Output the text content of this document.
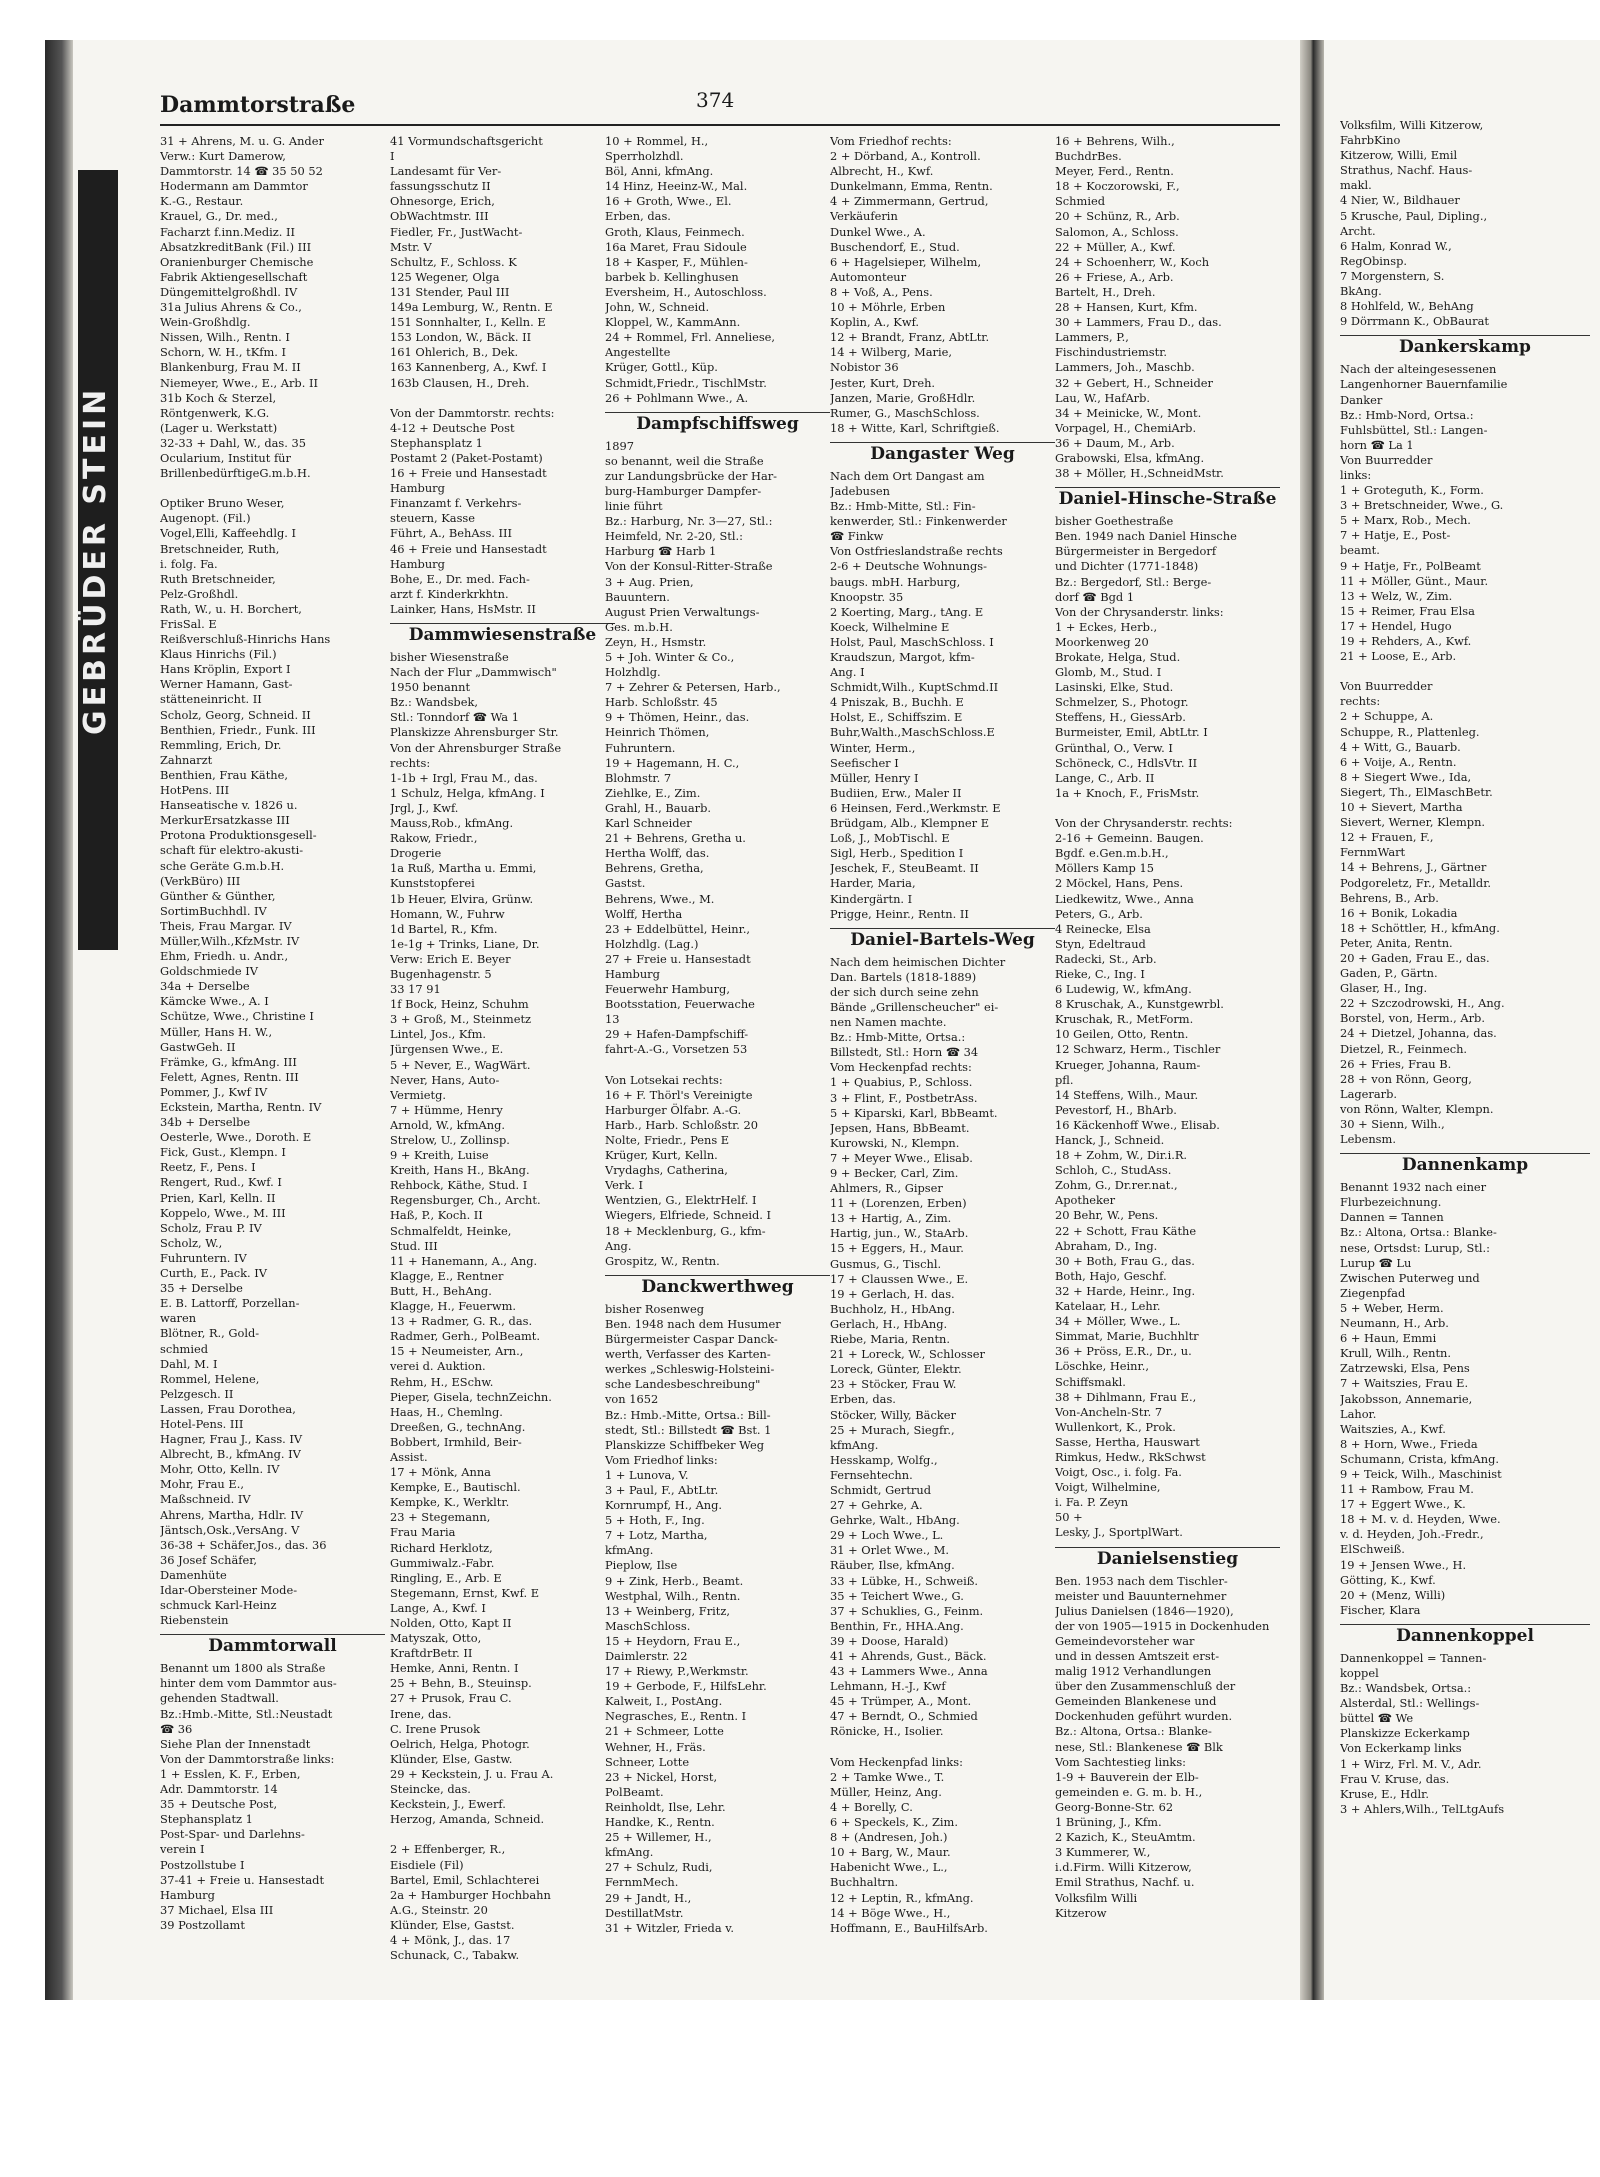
GEBRÜDER STEIN
Dammtorstraße	374
31 + Ahrens, M. u. G. Ander
Verw.: Kurt Damerow,
Dammtorstr. 14 ☎ 35 50 52
Hodermann am Dammtor
K.-G., Restaur.
Krauel, G., Dr. med.,
Facharzt f.inn.Mediz. II
AbsatzkreditBank (Fil.) III
Oranienburger Chemische
Fabrik Aktiengesellschaft
Düngemittelgroßhdl. IV
31a Julius Ahrens & Co.,
Wein-Großhdlg.
Nissen, Wilh., Rentn. I
Schorn, W. H., tKfm. I
Blankenburg, Frau M. II
Niemeyer, Wwe., E., Arb. II
31b Koch & Sterzel,
Röntgenwerk, K.G.
(Lager u. Werkstatt)
32-33 + Dahl, W., das. 35
Ocularium, Institut für
BrillenbedürftigeG.m.b.H.

Optiker Bruno Weser,
Augenopt. (Fil.)
Vogel,Elli, Kaffeehdlg. I
Bretschneider, Ruth,
i. folg. Fa.
Ruth Bretschneider,
Pelz-Großhdl.
Rath, W., u. H. Borchert,
FrisSal. E
Reißverschluß-Hinrichs Hans
Klaus Hinrichs (Fil.)
Hans Kröplin, Export I
Werner Hamann, Gast-
stätteneinricht. II
Scholz, Georg, Schneid. II
Benthien, Friedr., Funk. III
Remmling, Erich, Dr.
Zahnarzt
Benthien, Frau Käthe,
HotPens. III
Hanseatische v. 1826 u.
MerkurErsatzkasse III
Protona Produktionsgesell-
schaft für elektro-akusti-
sche Geräte G.m.b.H.
(VerkBüro) III
Günther & Günther,
SortimBuchhdl. IV
Theis, Frau Margar. IV
Müller,Wilh.,KfzMstr. IV
Ehm, Friedh. u. Andr.,
Goldschmiede IV
34a + Derselbe
Kämcke Wwe., A. I
Schütze, Wwe., Christine I
Müller, Hans H. W.,
GastwGeh. II
Främke, G., kfmAng. III
Felett, Agnes, Rentn. III
Pommer, J., Kwf IV
Eckstein, Martha, Rentn. IV
34b + Derselbe
Oesterle, Wwe., Doroth. E
Fick, Gust., Klempn. I
Reetz, F., Pens. I
Rengert, Rud., Kwf. I
Prien, Karl, Kelln. II
Koppelo, Wwe., M. III
Scholz, Frau P. IV
Scholz, W.,
Fuhruntern. IV
Curth, E., Pack. IV
35 + Derselbe
E. B. Lattorff, Porzellan-
waren
Blötner, R., Gold-
schmied
Dahl, M. I
Rommel, Helene,
Pelzgesch. II
Lassen, Frau Dorothea,
Hotel-Pens. III
Hagner, Frau J., Kass. IV
Albrecht, B., kfmAng. IV
Mohr, Otto, Kelln. IV
Mohr, Frau E.,
Maßschneid. IV
Ahrens, Martha, Hdlr. IV
Jäntsch,Osk.,VersAng. V
36-38 + Schäfer,Jos., das. 36
36 Josef Schäfer,
Damenhüte
Idar-Obersteiner Mode-
schmuck Karl-Heinz
Riebenstein
Dammtorwall
Benannt um 1800 als Straße
hinter dem vom Dammtor aus-
gehenden Stadtwall.
Bz.:Hmb.-Mitte, Stl.:Neustadt
☎ 36
Siehe Plan der Innenstadt
Von der Dammtorstraße links:
1 + Esslen, K. F., Erben,
Adr. Dammtorstr. 14
35 + Deutsche Post,
Stephansplatz 1
Post-Spar- und Darlehns-
verein I
Postzollstube I
37-41 + Freie u. Hansestadt
Hamburg
37 Michael, Elsa III
39 Postzollamt
41 Vormundschaftsgericht
I
Landesamt für Ver-
fassungsschutz II
Ohnesorge, Erich,
ObWachtmstr. III
Fiedler, Fr., JustWacht-
Mstr. V
Schultz, F., Schloss. K
125 Wegener, Olga
131 Stender, Paul III
149a Lemburg, W., Rentn. E
151 Sonnhalter, I., Kelln. E
153 London, W., Bäck. II
161 Ohlerich, B., Dek.
163 Kannenberg, A., Kwf. I
163b Clausen, H., Dreh.

Von der Dammtorstr. rechts:
4-12 + Deutsche Post
Stephansplatz 1
Postamt 2 (Paket-Postamt)
16 + Freie und Hansestadt
Hamburg
Finanzamt f. Verkehrs-
steuern, Kasse
Führt, A., BehAss. III
46 + Freie und Hansestadt
Hamburg
Bohe, E., Dr. med. Fach-
arzt f. Kinderkrkhtn.
Lainker, Hans, HsMstr. II
Dammwiesenstraße
bisher Wiesenstraße
Nach der Flur „Dammwisch"
1950 benannt
Bz.: Wandsbek,
Stl.: Tonndorf ☎ Wa 1
Planskizze Ahrensburger Str.
Von der Ahrensburger Straße
rechts:
1-1b + Irgl, Frau M., das.
1 Schulz, Helga, kfmAng. I
Jrgl, J., Kwf.
Mauss,Rob., kfmAng.
Rakow, Friedr.,
Drogerie
1a Ruß, Martha u. Emmi,
Kunststopferei
1b Heuer, Elvira, Grünw.
Homann, W., Fuhrw
1d Bartel, R., Kfm.
1e-1g + Trinks, Liane, Dr.
Verw: Erich E. Beyer
Bugenhagenstr. 5
33 17 91
1f Bock, Heinz, Schuhm
3 + Groß, M., Steinmetz
Lintel, Jos., Kfm.
Jürgensen Wwe., E.
5 + Never, E., WagWärt.
Never, Hans, Auto-
Vermietg.
7 + Hümme, Henry
Arnold, W., kfmAng.
Strelow, U., Zollinsp.
9 + Kreith, Luise
Kreith, Hans H., BkAng.
Rehbock, Käthe, Stud. I
Regensburger, Ch., Archt.
Haß, P., Koch. II
Schmalfeldt, Heinke,
Stud. III
11 + Hanemann, A., Ang.
Klagge, E., Rentner
Butt, H., BehAng.
Klagge, H., Feuerwm.
13 + Radmer, G. R., das.
Radmer, Gerh., PolBeamt.
15 + Neumeister, Arn.,
verei d. Auktion.
Rehm, H., ESchw.
Pieper, Gisela, technZeichn.
Haas, H., Chemlng.
Dreeßen, G., technAng.
Bobbert, Irmhild, Beir-
Assist.
17 + Mönk, Anna
Kempke, E., Bautischl.
Kempke, K., Werkltr.
23 + Stegemann,
Frau Maria
Richard Herklotz,
Gummiwalz.-Fabr.
Ringling, E., Arb. E
Stegemann, Ernst, Kwf. E
Lange, A., Kwf. I
Nolden, Otto, Kapt II
Matyszak, Otto,
KraftdrBetr. II
Hemke, Anni, Rentn. I
25 + Behn, B., Steuinsp.
27 + Prusok, Frau C.
Irene, das.
C. Irene Prusok
Oelrich, Helga, Photogr.
Klünder, Else, Gastw.
29 + Keckstein, J. u. Frau A.
Steincke, das.
Keckstein, J., Ewerf.
Herzog, Amanda, Schneid.

2 + Effenberger, R.,
Eisdiele (Fil)
Bartel, Emil, Schlachterei
2a + Hamburger Hochbahn
A.G., Steinstr. 20
Klünder, Else, Gastst.
4 + Mönk, J., das. 17
Schunack, C., Tabakw.
10 + Rommel, H.,
Sperrholzhdl.
Böl, Anni, kfmAng.
14 Hinz, Heeinz-W., Mal.
16 + Groth, Wwe., El.
Erben, das.
Groth, Klaus, Feinmech.
16a Maret, Frau Sidoule
18 + Kasper, F., Mühlen-
barbek b. Kellinghusen
Eversheim, H., Autoschloss.
John, W., Schneid.
Kloppel, W., KammAnn.
24 + Rommel, Frl. Anneliese,
Angestellte
Krüger, Gottl., Küp.
Schmidt,Friedr., TischlMstr.
26 + Pohlmann Wwe., A.
Dampfschiffsweg
1897
so benannt, weil die Straße
zur Landungsbrücke der Har-
burg-Hamburger Dampfer-
linie führt
Bz.: Harburg, Nr. 3—27, Stl.:
Heimfeld, Nr. 2-20, Stl.:
Harburg ☎ Harb 1
Von der Konsul-Ritter-Straße
3 + Aug. Prien,
Bauuntern.
August Prien Verwaltungs-
Ges. m.b.H.
Zeyn, H., Hsmstr.
5 + Joh. Winter & Co.,
Holzhdlg.
7 + Zehrer & Petersen, Harb.,
Harb. Schloßstr. 45
9 + Thömen, Heinr., das.
Heinrich Thömen,
Fuhruntern.
19 + Hagemann, H. C.,
Blohmstr. 7
Ziehlke, E., Zim.
Grahl, H., Bauarb.
Karl Schneider
21 + Behrens, Gretha u.
Hertha Wolff, das.
Behrens, Gretha,
Gastst.
Behrens, Wwe., M.
Wolff, Hertha
23 + Eddelbüttel, Heinr.,
Holzhdlg. (Lag.)
27 + Freie u. Hansestadt
Hamburg
Feuerwehr Hamburg,
Bootsstation, Feuerwache
13
29 + Hafen-Dampfschiff-
fahrt-A.-G., Vorsetzen 53

Von Lotsekai rechts:
16 + F. Thörl's Vereinigte
Harburger Ölfabr. A.-G.
Harb., Harb. Schloßstr. 20
Nolte, Friedr., Pens E
Krüger, Kurt, Kelln.
Vrydaghs, Catherina,
Verk. I
Wentzien, G., ElektrHelf. I
Wiegers, Elfriede, Schneid. I
18 + Mecklenburg, G., kfm-
Ang.
Grospitz, W., Rentn.
Danckwerthweg
bisher Rosenweg
Ben. 1948 nach dem Husumer
Bürgermeister Caspar Danck-
werth, Verfasser des Karten-
werkes „Schleswig-Holsteini-
sche Landesbeschreibung"
von 1652
Bz.: Hmb.-Mitte, Ortsa.: Bill-
stedt, Stl.: Billstedt ☎ Bst. 1
Planskizze Schiffbeker Weg
Vom Friedhof links:
1 + Lunova, V.
3 + Paul, F., AbtLtr.
Kornrumpf, H., Ang.
5 + Hoth, F., Ing.
7 + Lotz, Martha,
kfmAng.
Pieplow, Ilse
9 + Zink, Herb., Beamt.
Westphal, Wilh., Rentn.
13 + Weinberg, Fritz,
MaschSchloss.
15 + Heydorn, Frau E.,
Daimlerstr. 22
17 + Riewy, P.,Werkmstr.
19 + Gerbode, F., HilfsLehr.
Kalweit, I., PostAng.
Negrasches, E., Rentn. I
21 + Schmeer, Lotte
Wehner, H., Fräs.
Schneer, Lotte
23 + Nickel, Horst,
PolBeamt.
Reinholdt, Ilse, Lehr.
Handke, K., Rentn.
25 + Willemer, H.,
kfmAng.
27 + Schulz, Rudi,
FernmMech.
29 + Jandt, H.,
DestillatMstr.
31 + Witzler, Frieda v.
Vom Friedhof rechts:
2 + Dörband, A., Kontroll.
Albrecht, H., Kwf.
Dunkelmann, Emma, Rentn.
4 + Zimmermann, Gertrud,
Verkäuferin
Dunkel Wwe., A.
Buschendorf, E., Stud.
6 + Hagelsieper, Wilhelm,
Automonteur
8 + Voß, A., Pens.
10 + Möhrle, Erben
Koplin, A., Kwf.
12 + Brandt, Franz, AbtLtr.
14 + Wilberg, Marie,
Nobistor 36
Jester, Kurt, Dreh.
Janzen, Marie, GroßHdlr.
Rumer, G., MaschSchloss.
18 + Witte, Karl, Schriftgieß.
Dangaster Weg
Nach dem Ort Dangast am
Jadebusen
Bz.: Hmb-Mitte, Stl.: Fin-
kenwerder, Stl.: Finkenwerder
☎ Finkw
Von Ostfrieslandstraße rechts
2-6 + Deutsche Wohnungs-
baugs. mbH. Harburg,
Knoopstr. 35
2 Koerting, Marg., tAng. E
Koeck, Wilhelmine E
Holst, Paul, MaschSchloss. I
Kraudszun, Margot, kfm-
Ang. I
Schmidt,Wilh., KuptSchmd.II
4 Pniszak, B., Buchh. E
Holst, E., Schiffszim. E
Buhr,Walth.,MaschSchloss.E
Winter, Herm.,
Seefischer I
Müller, Henry I
Budiien, Erw., Maler II
6 Heinsen, Ferd.,Werkmstr. E
Brüdgam, Alb., Klempner E
Loß, J., MobTischl. E
Sigl, Herb., Spedition I
Jeschek, F., SteuBeamt. II
Harder, Maria,
Kindergärtn. I
Prigge, Heinr., Rentn. II
Daniel-Bartels-Weg
Nach dem heimischen Dichter
Dan. Bartels (1818-1889)
der sich durch seine zehn
Bände „Grillenscheucher" ei-
nen Namen machte.
Bz.: Hmb-Mitte, Ortsa.:
Billstedt, Stl.: Horn ☎ 34
Vom Heckenpfad rechts:
1 + Quabius, P., Schloss.
3 + Flint, F., PostbetrAss.
5 + Kiparski, Karl, BbBeamt.
Jepsen, Hans, BbBeamt.
Kurowski, N., Klempn.
7 + Meyer Wwe., Elisab.
9 + Becker, Carl, Zim.
Ahlmers, R., Gipser
11 + (Lorenzen, Erben)
13 + Hartig, A., Zim.
Hartig, jun., W., StaArb.
15 + Eggers, H., Maur.
Gusmus, G., Tischl.
17 + Claussen Wwe., E.
19 + Gerlach, H. das.
Buchholz, H., HbAng.
Gerlach, H., HbAng.
Riebe, Maria, Rentn.
21 + Loreck, W., Schlosser
Loreck, Günter, Elektr.
23 + Stöcker, Frau W.
Erben, das.
Stöcker, Willy, Bäcker
25 + Murach, Siegfr.,
kfmAng.
Hesskamp, Wolfg.,
Fernsehtechn.
Schmidt, Gertrud
27 + Gehrke, A.
Gehrke, Walt., HbAng.
29 + Loch Wwe., L.
31 + Orlet Wwe., M.
Räuber, Ilse, kfmAng.
33 + Lübke, H., Schweiß.
35 + Teichert Wwe., G.
37 + Schuklies, G., Feinm.
Benthin, Fr., HHA.Ang.
39 + Doose, Harald)
41 + Ahrends, Gust., Bäck.
43 + Lammers Wwe., Anna
Lehmann, H.-J., Kwf
45 + Trümper, A., Mont.
47 + Berndt, O., Schmied
Rönicke, H., Isolier.

Vom Heckenpfad links:
2 + Tamke Wwe., T.
Müller, Heinz, Ang.
4 + Borelly, C.
6 + Speckels, K., Zim.
8 + (Andresen, Joh.)
10 + Barg, W., Maur.
Habenicht Wwe., L.,
Buchhaltrn.
12 + Leptin, R., kfmAng.
14 + Böge Wwe., H.,
Hoffmann, E., BauHilfsArb.
16 + Behrens, Wilh.,
BuchdrBes.
Meyer, Ferd., Rentn.
18 + Koczorowski, F.,
Schmied
20 + Schünz, R., Arb.
Salomon, A., Schloss.
22 + Müller, A., Kwf.
24 + Schoenherr, W., Koch
26 + Friese, A., Arb.
Bartelt, H., Dreh.
28 + Hansen, Kurt, Kfm.
30 + Lammers, Frau D., das.
Lammers, P.,
Fischindustriemstr.
Lammers, Joh., Maschb.
32 + Gebert, H., Schneider
Lau, W., HafArb.
34 + Meinicke, W., Mont.
Vorpagel, H., ChemiArb.
36 + Daum, M., Arb.
Grabowski, Elsa, kfmAng.
38 + Möller, H.,SchneidMstr.
Daniel-Hinsche-Straße
bisher Goethestraße
Ben. 1949 nach Daniel Hinsche
Bürgermeister in Bergedorf
und Dichter (1771-1848)
Bz.: Bergedorf, Stl.: Berge-
dorf ☎ Bgd 1
Von der Chrysanderstr. links:
1 + Eckes, Herb.,
Moorkenweg 20
Brokate, Helga, Stud.
Glomb, M., Stud. I
Lasinski, Elke, Stud.
Schmelzer, S., Photogr.
Steffens, H., GiessArb.
Burmeister, Emil, AbtLtr. I
Grünthal, O., Verw. I
Schöneck, C., HdlsVtr. II
Lange, C., Arb. II
1a + Knoch, F., FrisMstr.

Von der Chrysanderstr. rechts:
2-16 + Gemeinn. Baugen.
Bgdf. e.Gen.m.b.H.,
Möllers Kamp 15
2 Möckel, Hans, Pens.
Liedkewitz, Wwe., Anna
Peters, G., Arb.
4 Reinecke, Elsa
Styn, Edeltraud
Radecki, St., Arb.
Rieke, C., Ing. I
6 Ludewig, W., kfmAng.
8 Kruschak, A., Kunstgewrbl.
Kruschak, R., MetForm.
10 Geilen, Otto, Rentn.
12 Schwarz, Herm., Tischler
Krueger, Johanna, Raum-
pfl.
14 Steffens, Wilh., Maur.
Pevestorf, H., BhArb.
16 Käckenhoff Wwe., Elisab.
Hanck, J., Schneid.
18 + Zohm, W., Dir.i.R.
Schloh, C., StudAss.
Zohm, G., Dr.rer.nat.,
Apotheker
20 Behr, W., Pens.
22 + Schott, Frau Käthe
Abraham, D., Ing.
30 + Both, Frau G., das.
Both, Hajo, Geschf.
32 + Harde, Heinr., Ing.
Katelaar, H., Lehr.
34 + Möller, Wwe., L.
Simmat, Marie, Buchhltr
36 + Pröss, E.R., Dr., u.
Löschke, Heinr.,
Schiffsmakl.
38 + Dihlmann, Frau E.,
Von-Ancheln-Str. 7
Wullenkort, K., Prok.
Sasse, Hertha, Hauswart
Rimkus, Hedw., RkSchwst
Voigt, Osc., i. folg. Fa.
Voigt, Wilhelmine,
i. Fa. P. Zeyn
50 +
Lesky, J., SportplWart.
Danielsenstieg
Ben. 1953 nach dem Tischler-
meister und Bauunternehmer
Julius Danielsen (1846—1920),
der von 1905—1915 in Dockenhuden
Gemeindevorsteher war
und in dessen Amtszeit erst-
malig 1912 Verhandlungen
über den Zusammenschluß der
Gemeinden Blankenese und
Dockenhuden geführt wurden.
Bz.: Altona, Ortsa.: Blanke-
nese, Stl.: Blankenese ☎ Blk
Vom Sachtestieg links:
1-9 + Bauverein der Elb-
gemeinden e. G. m. b. H.,
Georg-Bonne-Str. 62
1 Brüning, J., Kfm.
2 Kazich, K., SteuAmtm.
3 Kummerer, W.,
i.d.Firm. Willi Kitzerow,
Emil Strathus, Nachf. u.
Volksfilm Willi
Kitzerow
Volksfilm, Willi Kitzerow,
FahrbKino
Kitzerow, Willi, Emil
Strathus, Nachf. Haus-
makl.
4 Nier, W., Bildhauer
5 Krusche, Paul, Dipling.,
Archt.
6 Halm, Konrad W.,
RegObinsp.
7 Morgenstern, S.
BkAng.
8 Hohlfeld, W., BehAng
9 Dörrmann K., ObBaurat
Dankerskamp
Nach der alteingesessenen
Langenhorner Bauernfamilie
Danker
Bz.: Hmb-Nord, Ortsa.:
Fuhlsbüttel, Stl.: Langen-
horn ☎ La 1
Von Buurredder
links:
1 + Groteguth, K., Form.
3 + Bretschneider, Wwe., G.
5 + Marx, Rob., Mech.
7 + Hatje, E., Post-
beamt.
9 + Hatje, Fr., PolBeamt
11 + Möller, Günt., Maur.
13 + Welz, W., Zim.
15 + Reimer, Frau Elsa
17 + Hendel, Hugo
19 + Rehders, A., Kwf.
21 + Loose, E., Arb.

Von Buurredder
rechts:
2 + Schuppe, A.
Schuppe, R., Plattenleg.
4 + Witt, G., Bauarb.
6 + Voije, A., Rentn.
8 + Siegert Wwe., Ida,
Siegert, Th., ElMaschBetr.
10 + Sievert, Martha
Sievert, Werner, Klempn.
12 + Frauen, F.,
FernmWart
14 + Behrens, J., Gärtner
Podgoreletz, Fr., Metalldr.
Behrens, B., Arb.
16 + Bonik, Lokadia
18 + Schöttler, H., kfmAng.
Peter, Anita, Rentn.
20 + Gaden, Frau E., das.
Gaden, P., Gärtn.
Glaser, H., Ing.
22 + Szczodrowski, H., Ang.
Borstel, von, Herm., Arb.
24 + Dietzel, Johanna, das.
Dietzel, R., Feinmech.
26 + Fries, Frau B.
28 + von Rönn, Georg,
Lagerarb.
von Rönn, Walter, Klempn.
30 + Sienn, Wilh.,
Lebensm.
Dannenkamp
Benannt 1932 nach einer
Flurbezeichnung.
Dannen = Tannen
Bz.: Altona, Ortsa.: Blanke-
nese, Ortsdst: Lurup, Stl.:
Lurup ☎ Lu
Zwischen Puterweg und
Ziegenpfad
5 + Weber, Herm.
Neumann, H., Arb.
6 + Haun, Emmi
Krull, Wilh., Rentn.
Zatrzewski, Elsa, Pens
7 + Waitszies, Frau E.
Jakobsson, Annemarie,
Lahor.
Waitszies, A., Kwf.
8 + Horn, Wwe., Frieda
Schumann, Crista, kfmAng.
9 + Teick, Wilh., Maschinist
11 + Rambow, Frau M.
17 + Eggert Wwe., K.
18 + M. v. d. Heyden, Wwe.
v. d. Heyden, Joh.-Fredr.,
ElSchweiß.
19 + Jensen Wwe., H.
Götting, K., Kwf.
20 + (Menz, Willi)
Fischer, Klara
Dannenkoppel
Dannenkoppel = Tannen-
koppel
Bz.: Wandsbek, Ortsa.:
Alsterdal, Stl.: Wellings-
büttel ☎ We
Planskizze Eckerkamp
Von Eckerkamp links
1 + Wirz, Frl. M. V., Adr.
Frau V. Kruse, das.
Kruse, E., Hdlr.
3 + Ahlers,Wilh., TelLtgAufs
